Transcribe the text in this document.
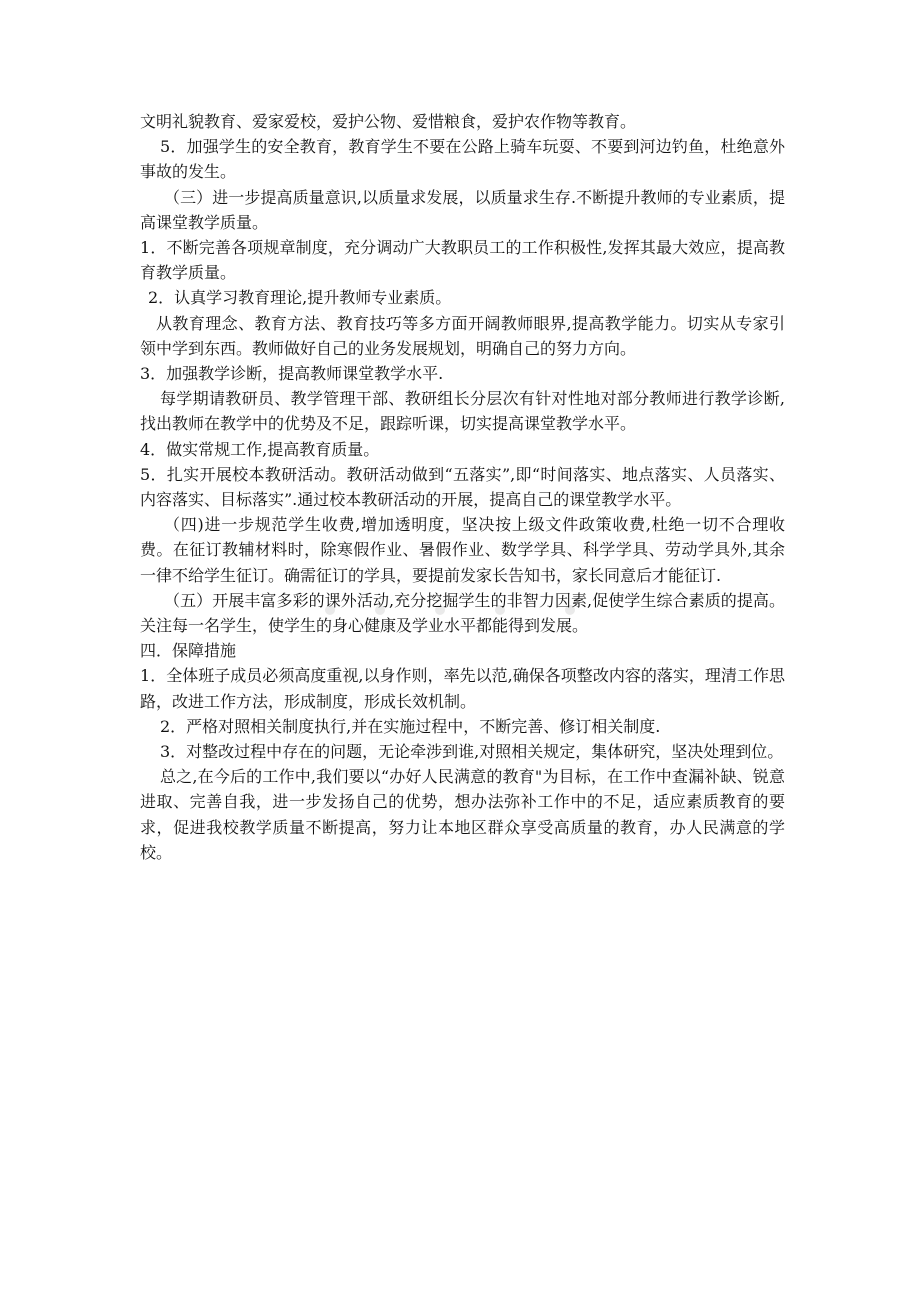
文明礼貌教育、爱家爱校，爱护公物、爱惜粮食，爱护农作物等教育。

5．加强学生的安全教育，教育学生不要在公路上骑车玩耍、不要到河边钓鱼，杜绝意外事故的发生。

（三）进一步提高质量意识,以质量求发展，以质量求生存.不断提升教师的专业素质，提高课堂教学质量。

1．不断完善各项规章制度，充分调动广大教职员工的工作积极性,发挥其最大效应，提高教育教学质量。

2．认真学习教育理论,提升教师专业素质。

从教育理念、教育方法、教育技巧等多方面开阔教师眼界,提高教学能力。切实从专家引领中学到东西。教师做好自己的业务发展规划，明确自己的努力方向。

3．加强教学诊断，提高教师课堂教学水平.

每学期请教研员、教学管理干部、教研组长分层次有针对性地对部分教师进行教学诊断,找出教师在教学中的优势及不足，跟踪听课，切实提高课堂教学水平。

4．做实常规工作,提高教育质量。

5．扎实开展校本教研活动。教研活动做到“五落实”,即“时间落实、地点落实、人员落实、内容落实、目标落实”.通过校本教研活动的开展，提高自己的课堂教学水平。

（四)进一步规范学生收费,增加透明度，坚决按上级文件政策收费,杜绝一切不合理收费。在征订教辅材料时，除寒假作业、暑假作业、数学学具、科学学具、劳动学具外,其余一律不给学生征订。确需征订的学具，要提前发家长告知书，家长同意后才能征订.

（五）开展丰富多彩的课外活动,充分挖掘学生的非智力因素,促使学生综合素质的提高。关注每一名学生，使学生的身心健康及学业水平都能得到发展。

四．保障措施

1．全体班子成员必须高度重视,以身作则，率先以范,确保各项整改内容的落实，理清工作思路，改进工作方法，形成制度，形成长效机制。

2．严格对照相关制度执行,并在实施过程中，不断完善、修订相关制度.

3．对整改过程中存在的问题，无论牵涉到谁,对照相关规定，集体研究，坚决处理到位。

总之,在今后的工作中,我们要以“办好人民满意的教育"为目标，在工作中查漏补缺、锐意进取、完善自我，进一步发扬自己的优势，想办法弥补工作中的不足，适应素质教育的要求，促进我校教学质量不断提高，努力让本地区群众享受高质量的教育，办人民满意的学校。
